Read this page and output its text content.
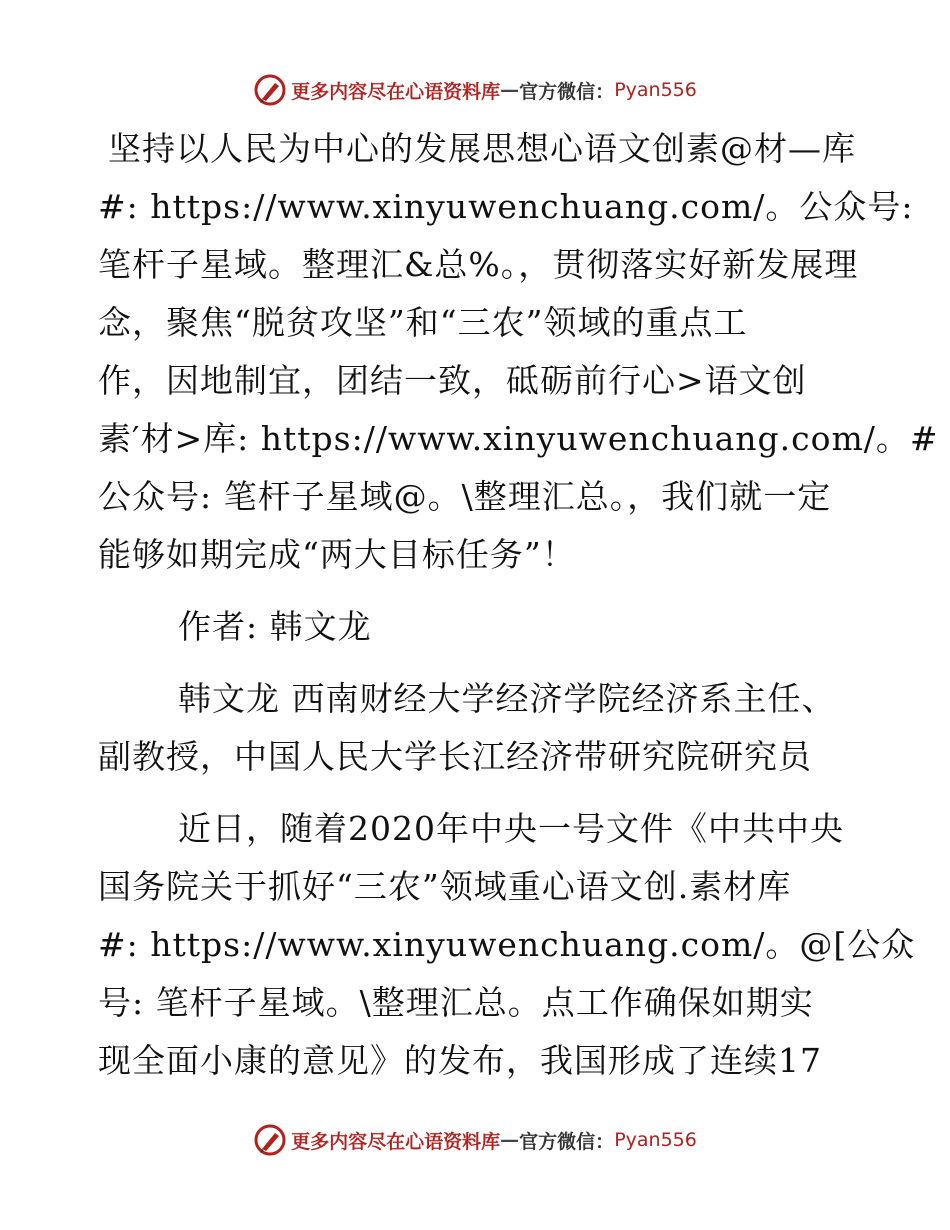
更多内容尽在心语资料库 — 官方微信： Pyan556
坚持以人民为中心的发展思想心语文创素@材—库
#: https://www.xinyuwenchuang.com/。公众号:
笔杆子星域。整理汇&总%。，贯彻落实好新发展理
念，聚焦“脱贫攻坚”和“三农”领域的重点工
作，因地制宜，团结一致，砥砺前行心>语文创
素′材>库: https://www.xinyuwenchuang.com/。#
公众号: 笔杆子星域@。\整理汇总。，我们就一定
能够如期完成“两大目标任务”！
作者: 韩文龙
韩文龙 西南财经大学经济学院经济系主任、
副教授，中国人民大学长江经济带研究院研究员
近日，随着2020年中央一号文件《中共中央
国务院关于抓好“三农”领域重心语文创.素材库
#: https://www.xinyuwenchuang.com/。@[公众
号: 笔杆子星域。\整理汇总。点工作确保如期实
现全面小康的意见》的发布，我国形成了连续17
更多内容尽在心语资料库 — 官方微信： Pyan556
